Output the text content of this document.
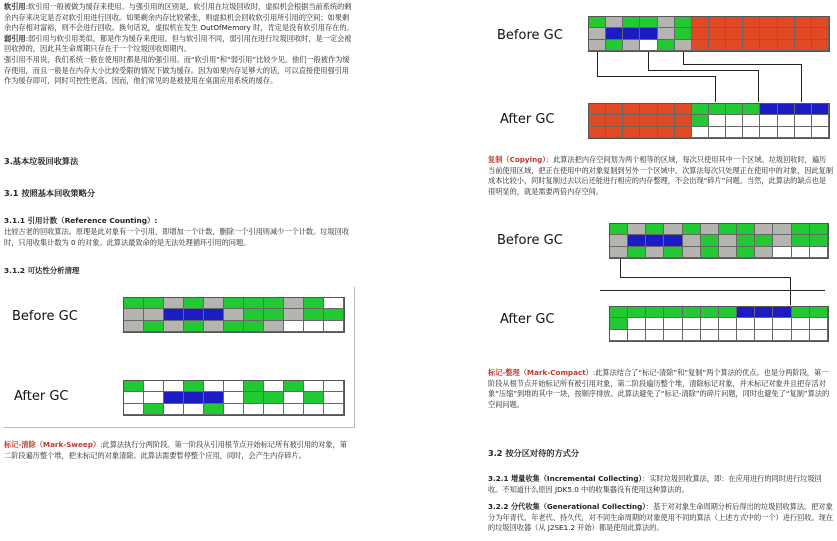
软引用:软引用一般被做为缓存来使用。与强引用的区别是，软引用在垃圾回收时，虚拟机会根据当前系统的剩余内存来决定是否对软引用进行回收。如果剩余内存比较紧张，则虚拟机会回收软引用所引用的空间；如果剩余内存相对富裕，则不会进行回收。换句话说，虚拟机在发生 OutOfMemory 时，肯定是没有软引用存在的。

弱引用:弱引用与软引用类似，都是作为缓存来使用。但与软引用不同，弱引用在进行垃圾回收时，是一定会被回收掉的，因此其生命周期只存在于一个垃圾回收周期内。

强引用不用说，我们系统一般在使用时都是用的强引用。而“软引用”和“弱引用”比较少见。他们一般被作为缓存使用，而且一般是在内存大小比较受限的情况下做为缓存。因为如果内存足够大的话，可以直接使用强引用作为缓存即可，同时可控性更高。因而，他们常见的是被使用在桌面应用系统的缓存。

3.基本垃圾回收算法

3.1 按照基本回收策略分

3.1.1 引用计数（Reference Counting）:

比较古老的回收算法。原理是此对象有一个引用，即增加一个计数，删除一个引用则减少一个计数。垃圾回收时，只用收集计数为 0 的对象。此算法最致命的是无法处理循环引用的问题。

3.1.2 可达性分析清理

标记-清除（Mark-Sweep）:此算法执行分两阶段。第一阶段从引用根节点开始标记所有被引用的对象，第二阶段遍历整个堆，把未标记的对象清除。此算法需要暂停整个应用，同时，会产生内存碎片。

Before GC
After GC
Before GC
After GC

复制（Copying）：此算法把内存空间划为两个相等的区域，每次只使用其中一个区域。垃圾回收时，遍历当前使用区域，把正在使用中的对象复制到另外一个区域中。次算法每次只处理正在使用中的对象，因此复制成本比较小，同时复制过去以后还能进行相应的内存整理，不会出现“碎片”问题。当然，此算法的缺点也是很明显的，就是需要两倍内存空间。

标记-整理（Mark-Compact）:此算法结合了“标记-清除”和“复制”两个算法的优点。也是分两阶段，第一阶段从根节点开始标记所有被引用对象，第二阶段遍历整个堆，清除标记对象，并未标记对象并且把存活对象“压缩”到堆的其中一块，按顺序排放。此算法避免了“标记-清除”的碎片问题，同时也避免了“复制”算法的空间问题。

3.2 按分区对待的方式分

3.2.1 增量收集（Incremental Collecting）：实时垃圾回收算法，即：在应用进行的同时进行垃圾回收。不知道什么原因 JDK5.0 中的收集器没有使用这种算法的。

3.2.2 分代收集（Generational Collecting）：基于对对象生命周期分析后得出的垃圾回收算法。把对象分为年青代、年老代、持久代，对不同生命周期的对象使用不同的算法（上述方式中的一个）进行回收。现在的垃圾回收器（从 J2SE1.2 开始）都是使用此算法的。

Before GC
After GC
